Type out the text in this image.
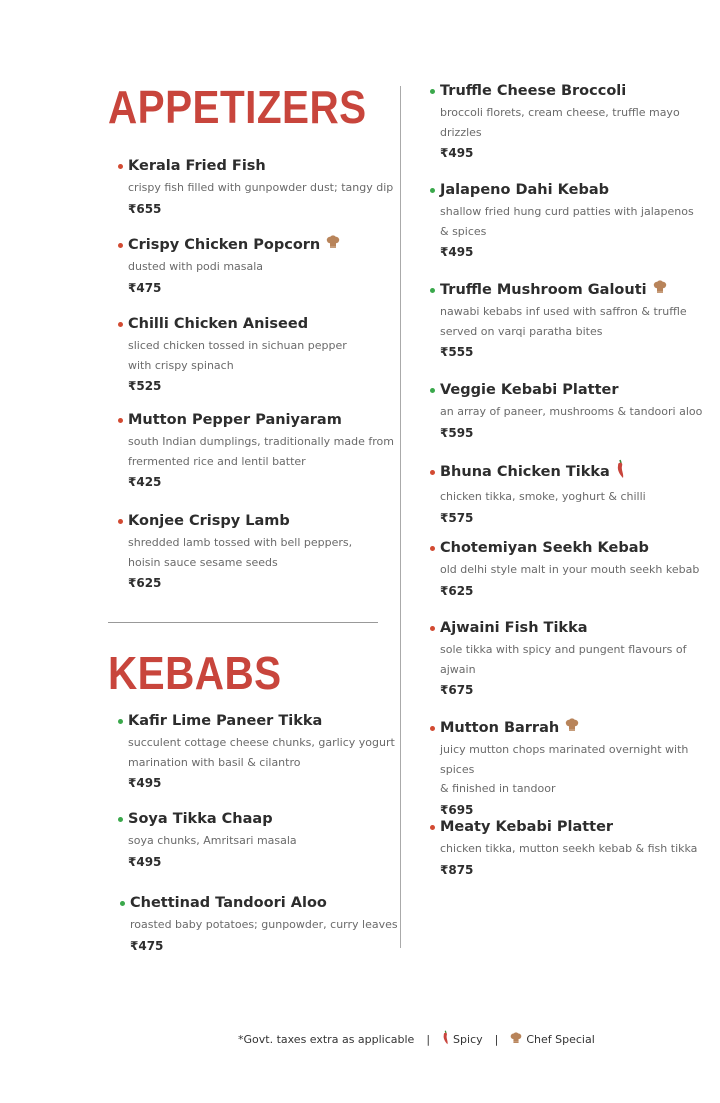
APPETIZERS
Kerala Fried Fish
crispy fish filled with gunpowder dust; tangy dip
₹655
Crispy Chicken Popcorn
dusted with podi masala
₹475
Chilli Chicken Aniseed
sliced chicken tossed in sichuan pepper
with crispy spinach
₹525
Mutton Pepper Paniyaram
south Indian dumplings, traditionally made from
frermented rice and lentil batter
₹425
Konjee Crispy Lamb
shredded lamb tossed with bell peppers,
hoisin sauce sesame seeds
₹625
KEBABS
Kafir Lime Paneer Tikka
succulent cottage cheese chunks, garlicy yogurt
marination with basil & cilantro
₹495
Soya Tikka Chaap
soya chunks, Amritsari masala
₹495
Chettinad Tandoori Aloo
roasted baby potatoes; gunpowder, curry leaves
₹475
Truffle Cheese Broccoli
broccoli florets, cream cheese, truffle mayo
drizzles
₹495
Jalapeno Dahi Kebab
shallow fried hung curd patties with jalapenos
& spices
₹495
Truffle Mushroom Galouti
nawabi kebabs inf used with saffron & truffle
served on varqi paratha bites
₹555
Veggie Kebabi Platter
an array of paneer, mushrooms & tandoori aloo
₹595
Bhuna Chicken Tikka
chicken tikka, smoke, yoghurt & chilli
₹575
Chotemiyan Seekh Kebab
old delhi style malt in your mouth seekh kebab
₹625
Ajwaini Fish Tikka
sole tikka with spicy and pungent flavours of
ajwain
₹675
Mutton Barrah
juicy mutton chops marinated overnight with spices
& finished in tandoor
₹695
Meaty Kebabi Platter
chicken tikka, mutton seekh kebab & fish tikka
₹875
*Govt. taxes extra as applicable | Spicy |	Chef Special
